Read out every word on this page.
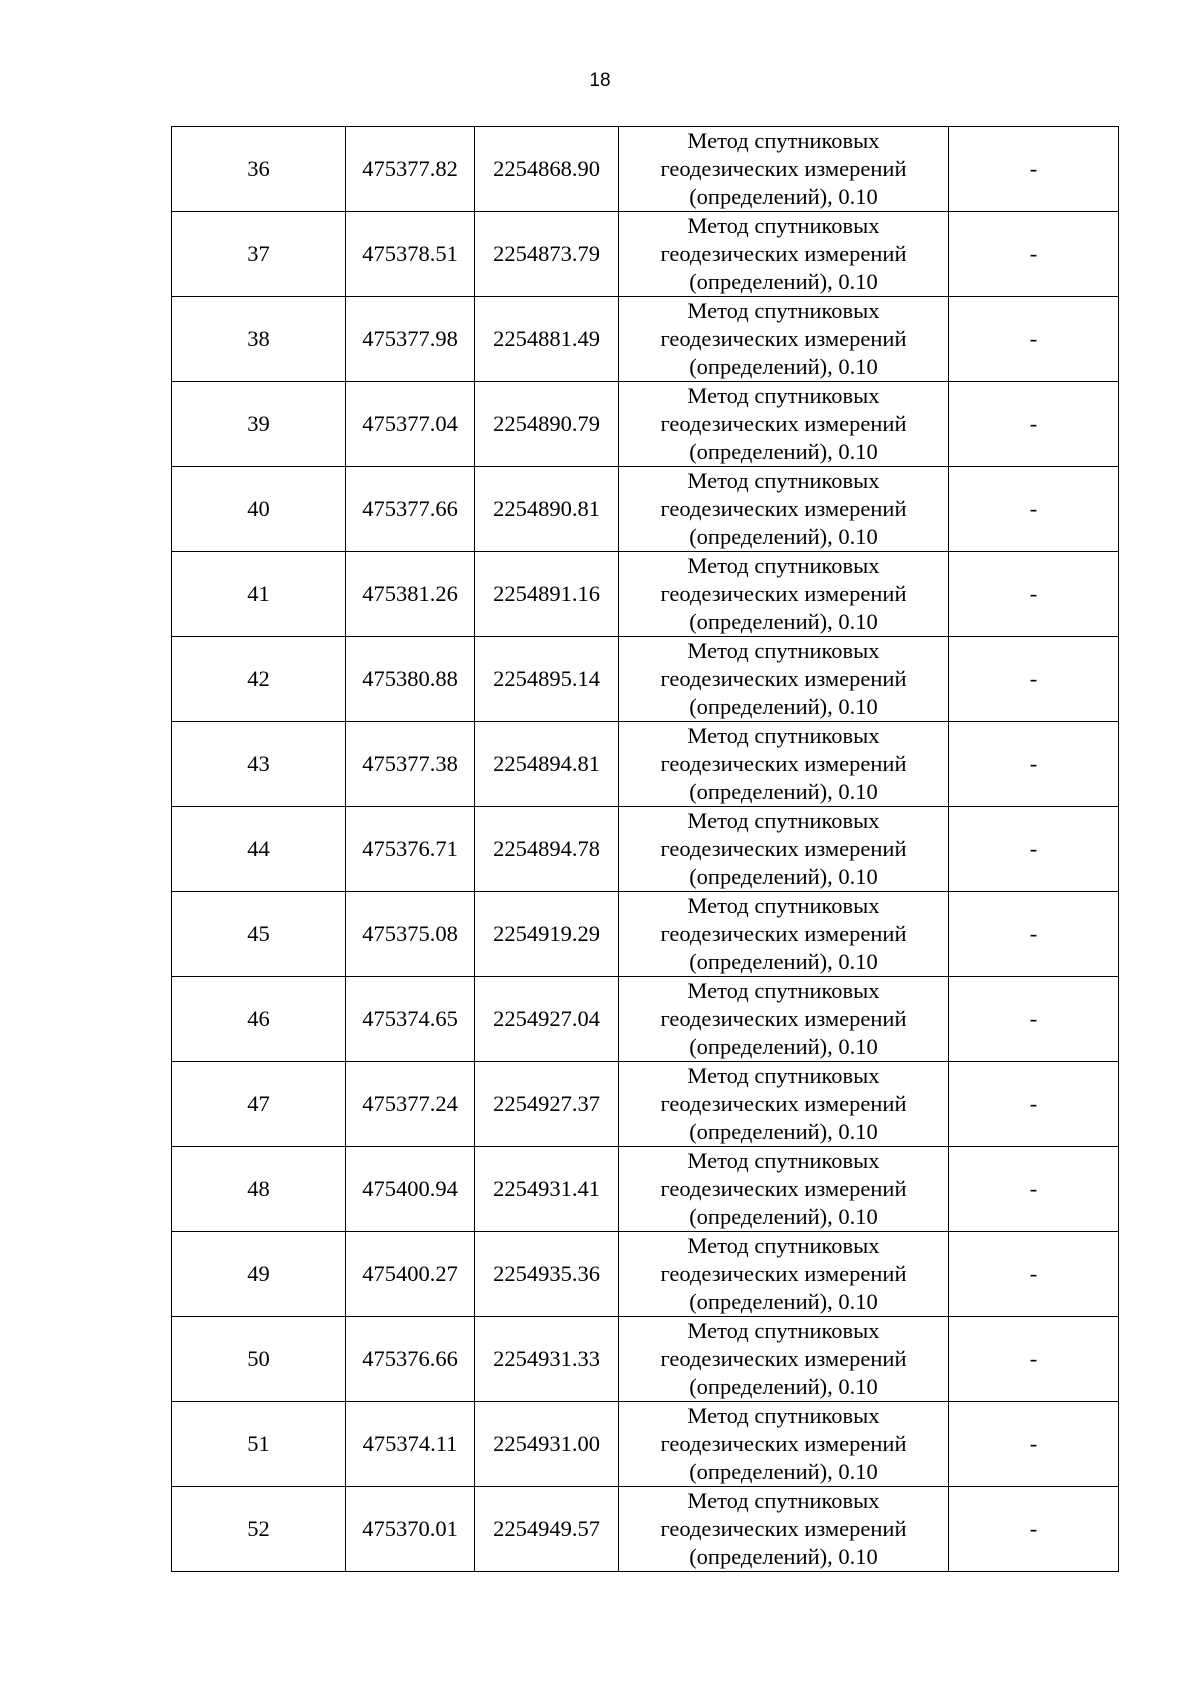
18
36	475377.82	2254868.90	Метод спутниковых
геодезических измерений
(определений), 0.10	-
37	475378.51	2254873.79	Метод спутниковых
геодезических измерений
(определений), 0.10	-
38	475377.98	2254881.49	Метод спутниковых
геодезических измерений
(определений), 0.10	-
39	475377.04	2254890.79	Метод спутниковых
геодезических измерений
(определений), 0.10	-
40	475377.66	2254890.81	Метод спутниковых
геодезических измерений
(определений), 0.10	-
41	475381.26	2254891.16	Метод спутниковых
геодезических измерений
(определений), 0.10	-
42	475380.88	2254895.14	Метод спутниковых
геодезических измерений
(определений), 0.10	-
43	475377.38	2254894.81	Метод спутниковых
геодезических измерений
(определений), 0.10	-
44	475376.71	2254894.78	Метод спутниковых
геодезических измерений
(определений), 0.10	-
45	475375.08	2254919.29	Метод спутниковых
геодезических измерений
(определений), 0.10	-
46	475374.65	2254927.04	Метод спутниковых
геодезических измерений
(определений), 0.10	-
47	475377.24	2254927.37	Метод спутниковых
геодезических измерений
(определений), 0.10	-
48	475400.94	2254931.41	Метод спутниковых
геодезических измерений
(определений), 0.10	-
49	475400.27	2254935.36	Метод спутниковых
геодезических измерений
(определений), 0.10	-
50	475376.66	2254931.33	Метод спутниковых
геодезических измерений
(определений), 0.10	-
51	475374.11	2254931.00	Метод спутниковых
геодезических измерений
(определений), 0.10	-
52	475370.01	2254949.57	Метод спутниковых
геодезических измерений
(определений), 0.10	-
